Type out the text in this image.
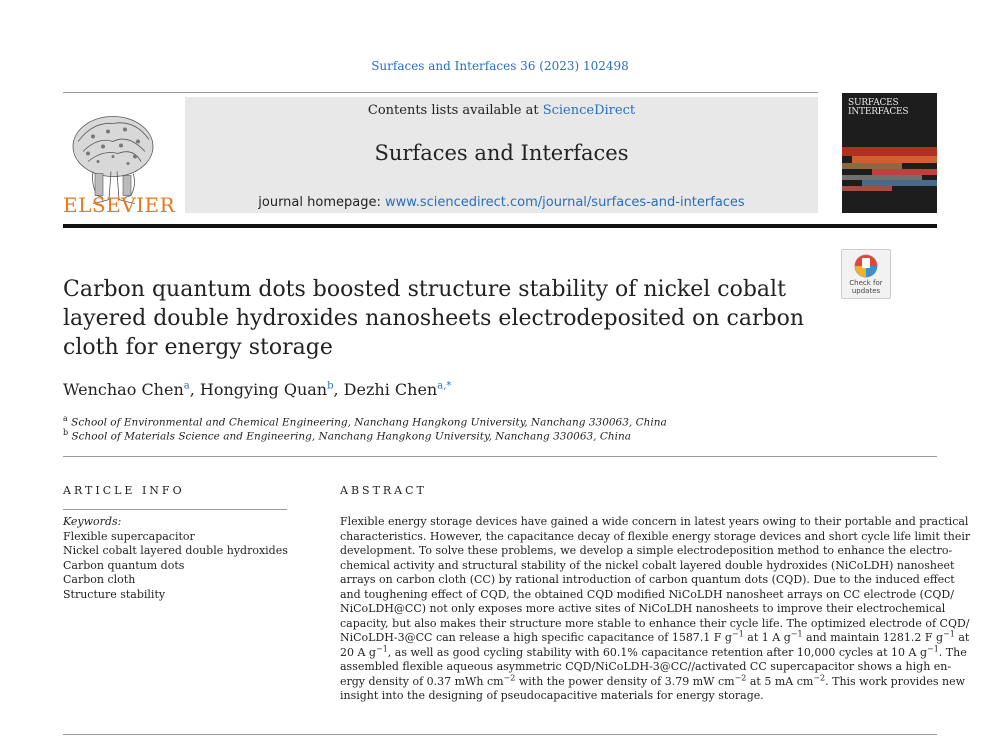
Surfaces and Interfaces 36 (2023) 102498
ELSEVIER
Contents lists available at ScienceDirect
Surfaces and Interfaces
journal homepage: www.sciencedirect.com/journal/surfaces-and-interfaces
SURFACES
INTERFACES
Check for
updates
Carbon quantum dots boosted structure stability of nickel cobalt layered double hydroxides nanosheets electrodeposited on carbon cloth for energy storage
Wenchao Chen$^a$, Hongying Quan$^b$, Dezhi Chen$^{a,*}$
$^a$ School of Environmental and Chemical Engineering, Nanchang Hangkong University, Nanchang 330063, China
$^b$ School of Materials Science and Engineering, Nanchang Hangkong University, Nanchang 330063, China
ARTICLE INFO	ABSTRACT
Keywords:
Flexible supercapacitor
Nickel cobalt layered double hydroxides
Carbon quantum dots
Carbon cloth
Structure stability
Flexible energy storage devices have gained a wide concern in latest years owing to their portable and practical
characteristics. However, the capacitance decay of flexible energy storage devices and short cycle life limit their
development. To solve these problems, we develop a simple electrodeposition method to enhance the electro-
chemical activity and structural stability of the nickel cobalt layered double hydroxides (NiCoLDH) nanosheet
arrays on carbon cloth (CC) by rational introduction of carbon quantum dots (CQD). Due to the induced effect
and toughening effect of CQD, the obtained CQD modified NiCoLDH nanosheet arrays on CC electrode (CQD/
NiCoLDH@CC) not only exposes more active sites of NiCoLDH nanosheets to improve their electrochemical
capacity, but also makes their structure more stable to enhance their cycle life. The optimized electrode of CQD/
NiCoLDH-3@CC can release a high specific capacitance of 1587.1 F $g^{-1}$ at 1 A $g^{-1}$ and maintain 1281.2 F $g^{-1}$ at
20 A $g^{-1}$, as well as good cycling stability with 60.1% capacitance retention after 10,000 cycles at 10 A $g^{-1}$. The
assembled flexible aqueous asymmetric CQD/NiCoLDH-3@CC//activated CC supercapacitor shows a high en-
ergy density of 0.37 mWh $cm^{-2}$ with the power density of 3.79 mW $cm^{-2}$ at 5 mA $cm^{-2}$. This work provides new
insight into the designing of pseudocapacitive materials for energy storage.
